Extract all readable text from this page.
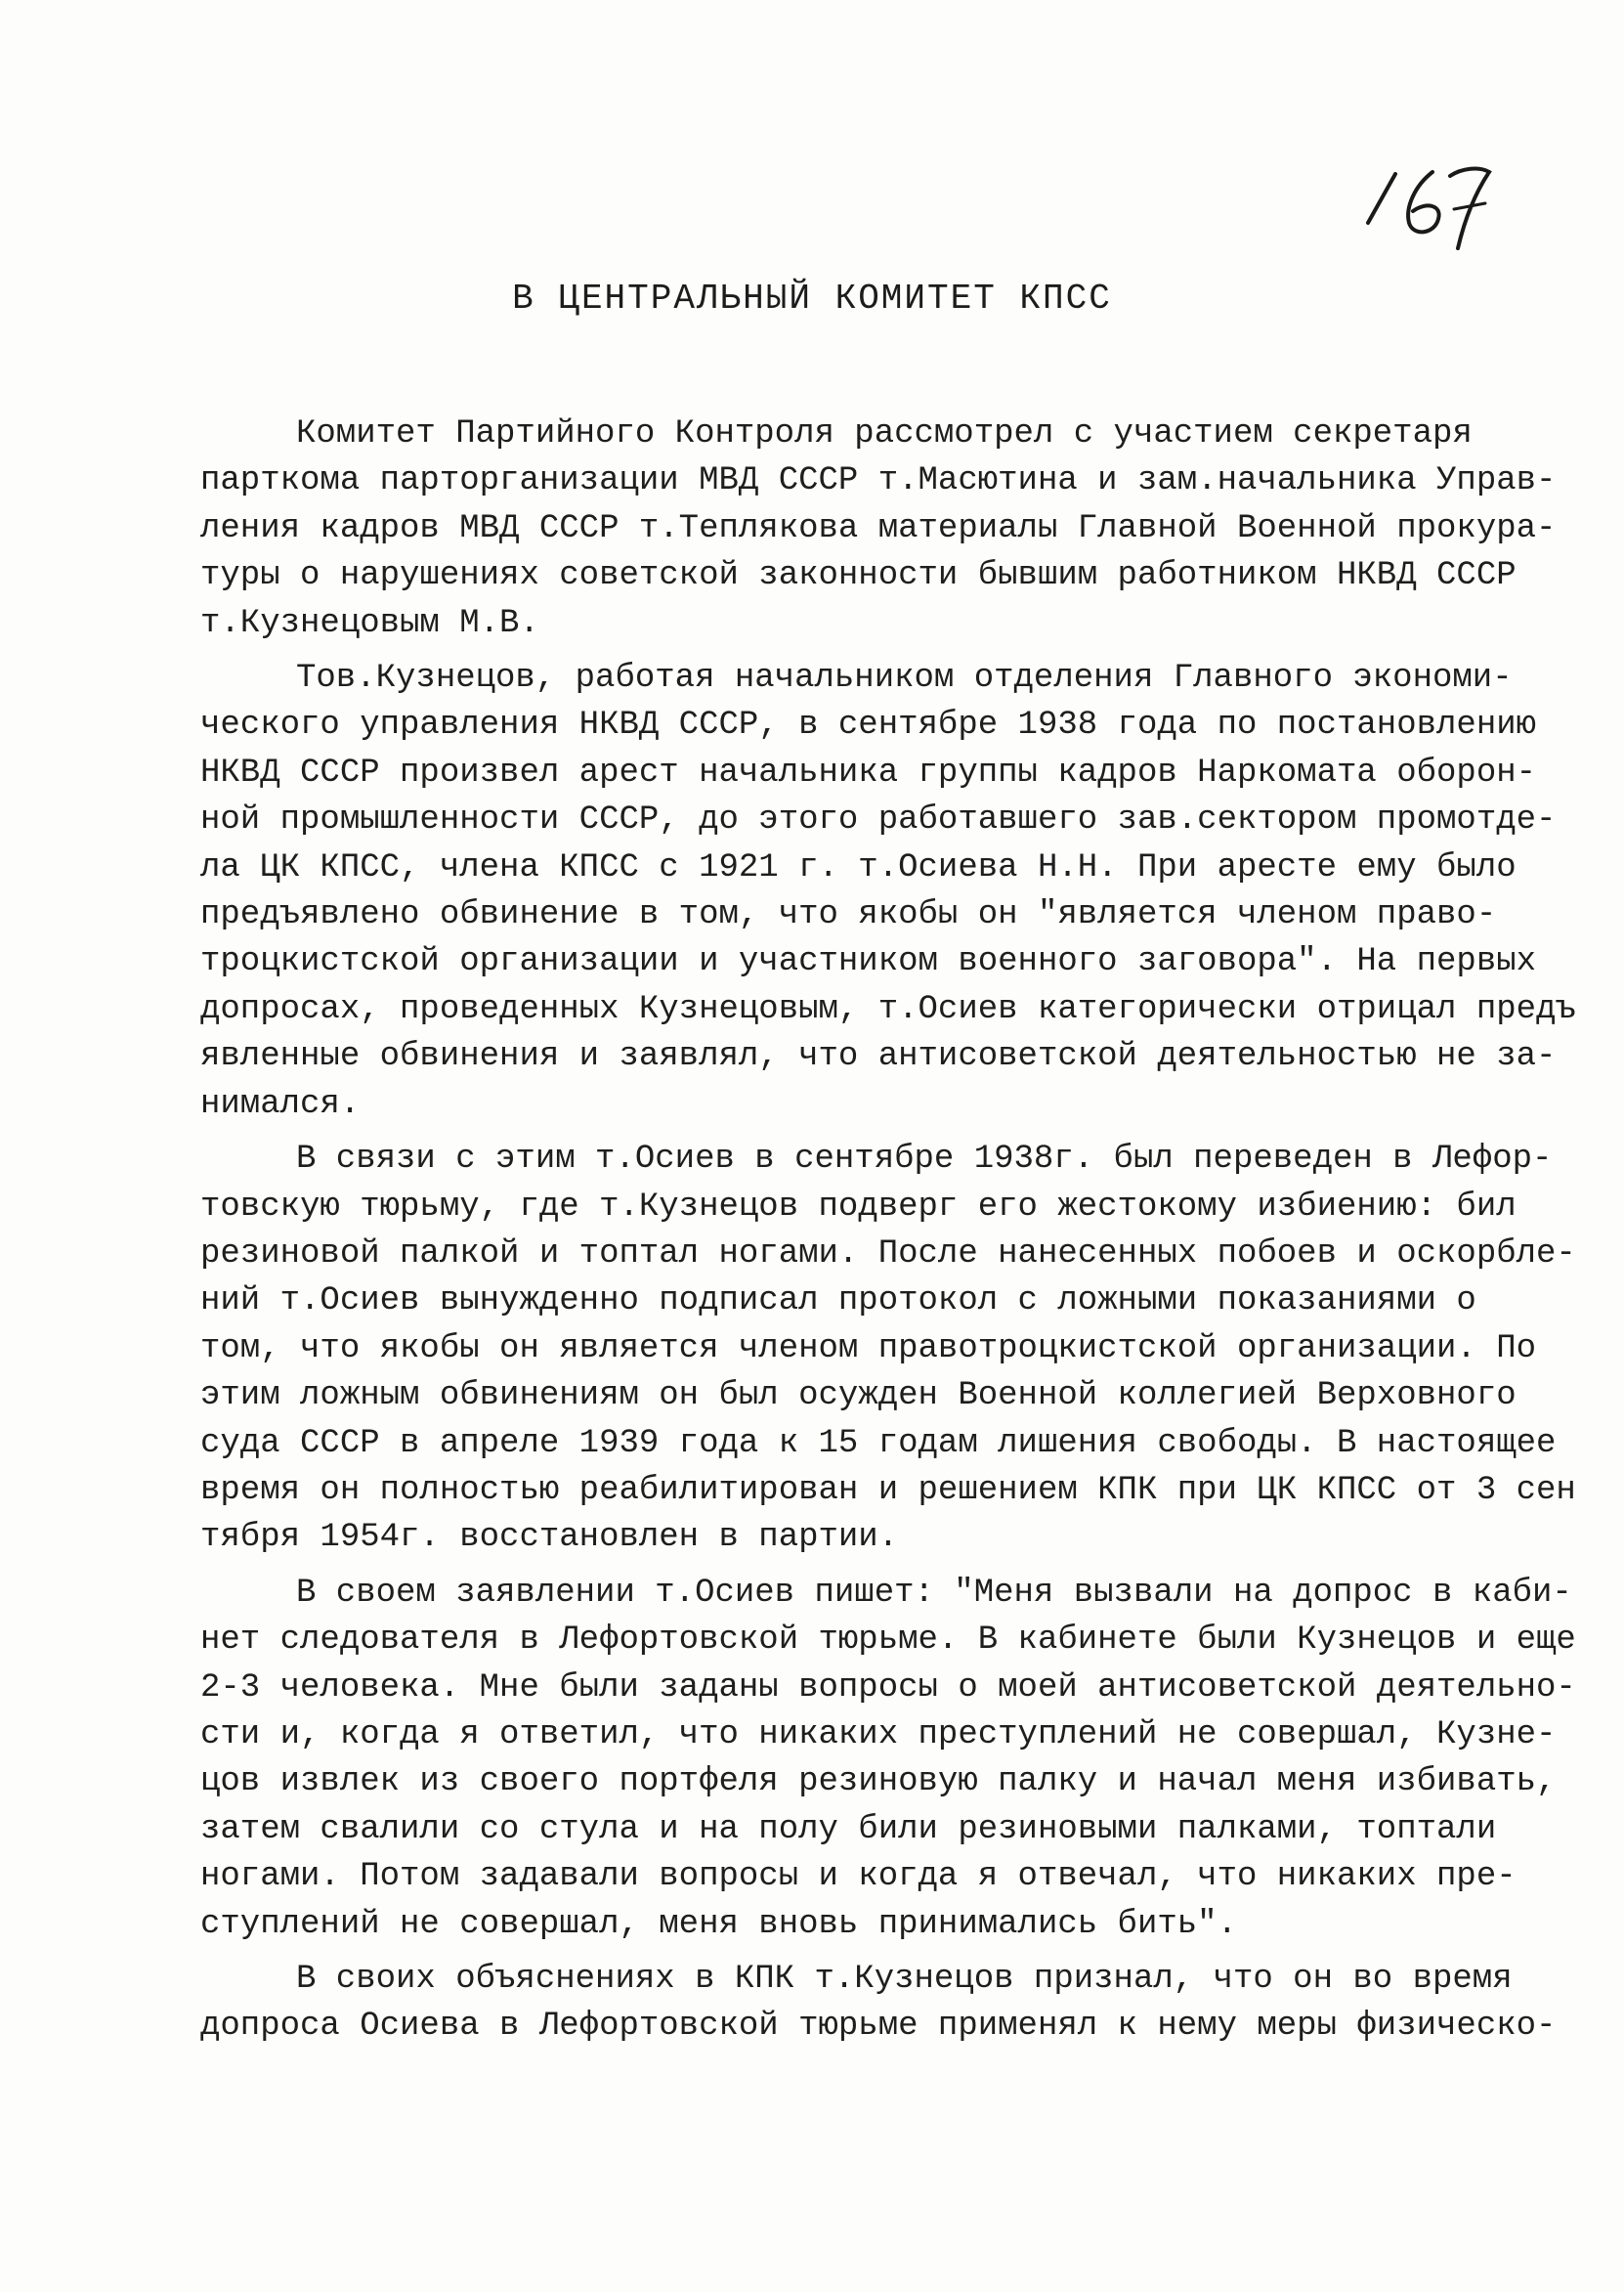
В ЦЕНТРАЛЬНЫЙ КОМИТЕТ КПСС

Комитет Партийного Контроля рассмотрел с участием секретаря

парткома парторганизации МВД СССР т.Масютина и зам.начальника Управ-

ления кадров МВД СССР т.Теплякова материалы Главной Военной прокура-

туры о нарушениях советской законности бывшим работником НКВД СССР

т.Кузнецовым М.В.

Тов.Кузнецов, работая начальником отделения Главного экономи-

ческого управления НКВД СССР, в сентябре 1938 года по постановлению

НКВД СССР произвел арест начальника группы кадров Наркомата оборон-

ной промышленности СССР, до этого работавшего зав.сектором промотде-

ла ЦК КПСС, члена КПСС с 1921 г. т.Осиева Н.Н. При аресте ему было

предъявлено обвинение в том, что якобы он "является членом право-

троцкистской организации и участником военного заговора". На первых

допросах, проведенных Кузнецовым, т.Осиев категорически отрицал предъ

явленные обвинения и заявлял, что антисоветской деятельностью не за-

нимался.

В связи с этим т.Осиев в сентябре 1938г. был переведен в Лефор-

товскую тюрьму, где т.Кузнецов подверг его жестокому избиению: бил

резиновой палкой и топтал ногами. После нанесенных побоев и оскорбле-

ний т.Осиев вынужденно подписал протокол с ложными показаниями о

том, что якобы он является членом правотроцкистской организации. По

этим ложным обвинениям он был осужден Военной коллегией Верховного

суда СССР в апреле 1939 года к 15 годам лишения свободы. В настоящее

время он полностью реабилитирован и решением КПК при ЦК КПСС от 3 сен

тября 1954г. восстановлен в партии.

В своем заявлении т.Осиев пишет: "Меня вызвали на допрос в каби-

нет следователя в Лефортовской тюрьме. В кабинете были Кузнецов и еще

2-3 человека. Мне были заданы вопросы о моей антисоветской деятельно-

сти и, когда я ответил, что никаких преступлений не совершал, Кузне-

цов извлек из своего портфеля резиновую палку и начал меня избивать,

затем свалили со стула и на полу били резиновыми палками, топтали

ногами. Потом задавали вопросы и когда я отвечал, что никаких пре-

ступлений не совершал, меня вновь принимались бить".

В своих объяснениях в КПК т.Кузнецов признал, что он во время

допроса Осиева в Лефортовской тюрьме применял к нему меры физическо-
